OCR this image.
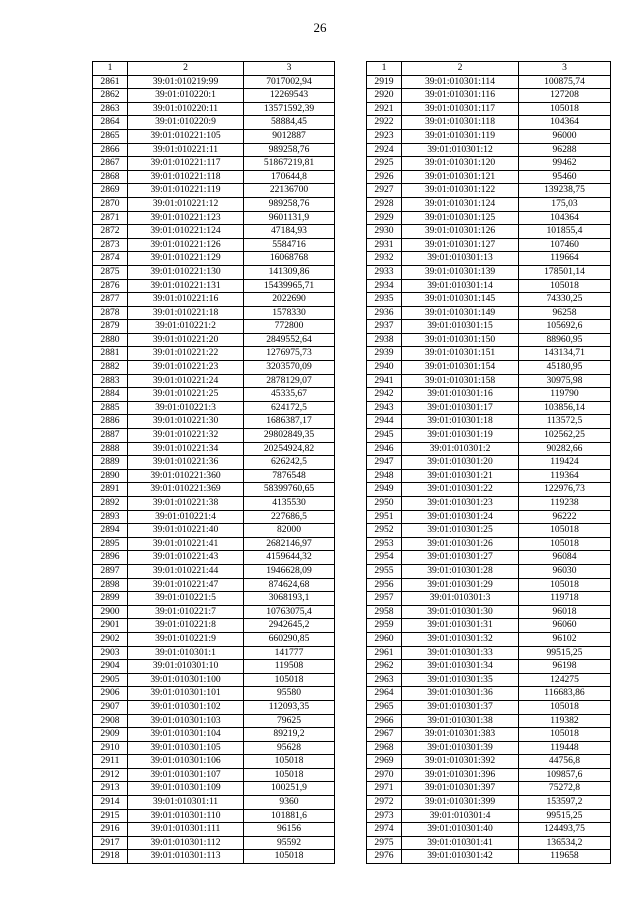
26
1	2	3
2861	39:01:010219:99	7017002,94
2862	39:01:010220:1	12269543
2863	39:01:010220:11	13571592,39
2864	39:01:010220:9	58884,45
2865	39:01:010221:105	9012887
2866	39:01:010221:11	989258,76
2867	39:01:010221:117	51867219,81
2868	39:01:010221:118	170644,8
2869	39:01:010221:119	22136700
2870	39:01:010221:12	989258,76
2871	39:01:010221:123	9601131,9
2872	39:01:010221:124	47184,93
2873	39:01:010221:126	5584716
2874	39:01:010221:129	16068768
2875	39:01:010221:130	141309,86
2876	39:01:010221:131	15439965,71
2877	39:01:010221:16	2022690
2878	39:01:010221:18	1578330
2879	39:01:010221:2	772800
2880	39:01:010221:20	2849552,64
2881	39:01:010221:22	1276975,73
2882	39:01:010221:23	3203570,09
2883	39:01:010221:24	2878129,07
2884	39:01:010221:25	45335,67
2885	39:01:010221:3	624172,5
2886	39:01:010221:30	1686387,17
2887	39:01:010221:32	29802849,35
2888	39:01:010221:34	20254924,82
2889	39:01:010221:36	626242,5
2890	39:01:010221:360	7876548
2891	39:01:010221:369	58399760,65
2892	39:01:010221:38	4135530
2893	39:01:010221:4	227686,5
2894	39:01:010221:40	82000
2895	39:01:010221:41	2682146,97
2896	39:01:010221:43	4159644,32
2897	39:01:010221:44	1946628,09
2898	39:01:010221:47	874624,68
2899	39:01:010221:5	3068193,1
2900	39:01:010221:7	10763075,4
2901	39:01:010221:8	2942645,2
2902	39:01:010221:9	660290,85
2903	39:01:010301:1	141777
2904	39:01:010301:10	119508
2905	39:01:010301:100	105018
2906	39:01:010301:101	95580
2907	39:01:010301:102	112093,35
2908	39:01:010301:103	79625
2909	39:01:010301:104	89219,2
2910	39:01:010301:105	95628
2911	39:01:010301:106	105018
2912	39:01:010301:107	105018
2913	39:01:010301:109	100251,9
2914	39:01:010301:11	9360
2915	39:01:010301:110	101881,6
2916	39:01:010301:111	96156
2917	39:01:010301:112	95592
2918	39:01:010301:113	105018
1	2	3
2919	39:01:010301:114	100875,74
2920	39:01:010301:116	127208
2921	39:01:010301:117	105018
2922	39:01:010301:118	104364
2923	39:01:010301:119	96000
2924	39:01:010301:12	96288
2925	39:01:010301:120	99462
2926	39:01:010301:121	95460
2927	39:01:010301:122	139238,75
2928	39:01:010301:124	175,03
2929	39:01:010301:125	104364
2930	39:01:010301:126	101855,4
2931	39:01:010301:127	107460
2932	39:01:010301:13	119664
2933	39:01:010301:139	178501,14
2934	39:01:010301:14	105018
2935	39:01:010301:145	74330,25
2936	39:01:010301:149	96258
2937	39:01:010301:15	105692,6
2938	39:01:010301:150	88960,95
2939	39:01:010301:151	143134,71
2940	39:01:010301:154	45180,95
2941	39:01:010301:158	30975,98
2942	39:01:010301:16	119790
2943	39:01:010301:17	103856,14
2944	39:01:010301:18	113572,5
2945	39:01:010301:19	102562,25
2946	39:01:010301:2	90282,66
2947	39:01:010301:20	119424
2948	39:01:010301:21	119364
2949	39:01:010301:22	122976,73
2950	39:01:010301:23	119238
2951	39:01:010301:24	96222
2952	39:01:010301:25	105018
2953	39:01:010301:26	105018
2954	39:01:010301:27	96084
2955	39:01:010301:28	96030
2956	39:01:010301:29	105018
2957	39:01:010301:3	119718
2958	39:01:010301:30	96018
2959	39:01:010301:31	96060
2960	39:01:010301:32	96102
2961	39:01:010301:33	99515,25
2962	39:01:010301:34	96198
2963	39:01:010301:35	124275
2964	39:01:010301:36	116683,86
2965	39:01:010301:37	105018
2966	39:01:010301:38	119382
2967	39:01:010301:383	105018
2968	39:01:010301:39	119448
2969	39:01:010301:392	44756,8
2970	39:01:010301:396	109857,6
2971	39:01:010301:397	75272,8
2972	39:01:010301:399	153597,2
2973	39:01:010301:4	99515,25
2974	39:01:010301:40	124493,75
2975	39:01:010301:41	136534,2
2976	39:01:010301:42	119658
